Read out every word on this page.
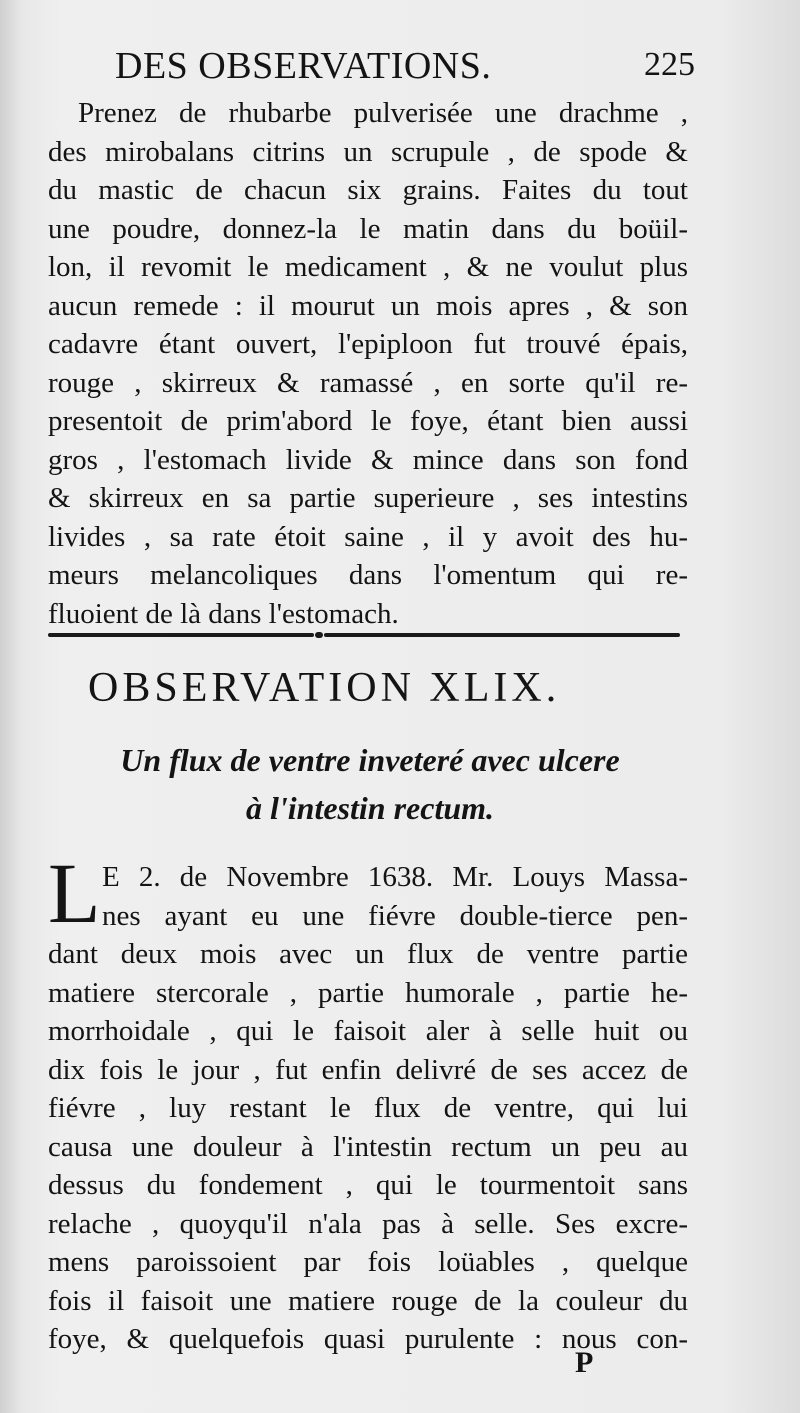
DES OBSERVATIONS.	225
Prenez de rhubarbe pulverisée une drachme ,
des mirobalans citrins un scrupule , de spode &
du mastic de chacun six grains. Faites du tout
une poudre, donnez-la le matin dans du boüil-
lon, il revomit le medicament , & ne voulut plus
aucun remede : il mourut un mois apres , & son
cadavre étant ouvert, l'epiploon fut trouvé épais,
rouge , skirreux & ramassé , en sorte qu'il re-
presentoit de prim'abord le foye, étant bien aussi
gros , l'estomach livide & mince dans son fond
& skirreux en sa partie superieure , ses intestins
livides , sa rate étoit saine , il y avoit des hu-
meurs melancoliques dans l'omentum qui re-
fluoient de là dans l'estomach.
OBSERVATION XLIX.
Un flux de ventre inveteré avec ulcere
à l'intestin rectum.
L E 2. de Novembre 1638. Mr. Louys Massa-
nes ayant eu une fiévre double-tierce pen-
dant deux mois avec un flux de ventre partie
matiere stercorale , partie humorale , partie he-
morrhoidale , qui le faisoit aler à selle huit ou
dix fois le jour , fut enfin delivré de ses accez de
fiévre , luy restant le flux de ventre, qui lui
causa une douleur à l'intestin rectum un peu au
dessus du fondement , qui le tourmentoit sans
relache , quoyqu'il n'ala pas à selle. Ses excre-
mens paroissoient par fois loüables , quelque
fois il faisoit une matiere rouge de la couleur du
foye, & quelquefois quasi purulente : nous con-
P
